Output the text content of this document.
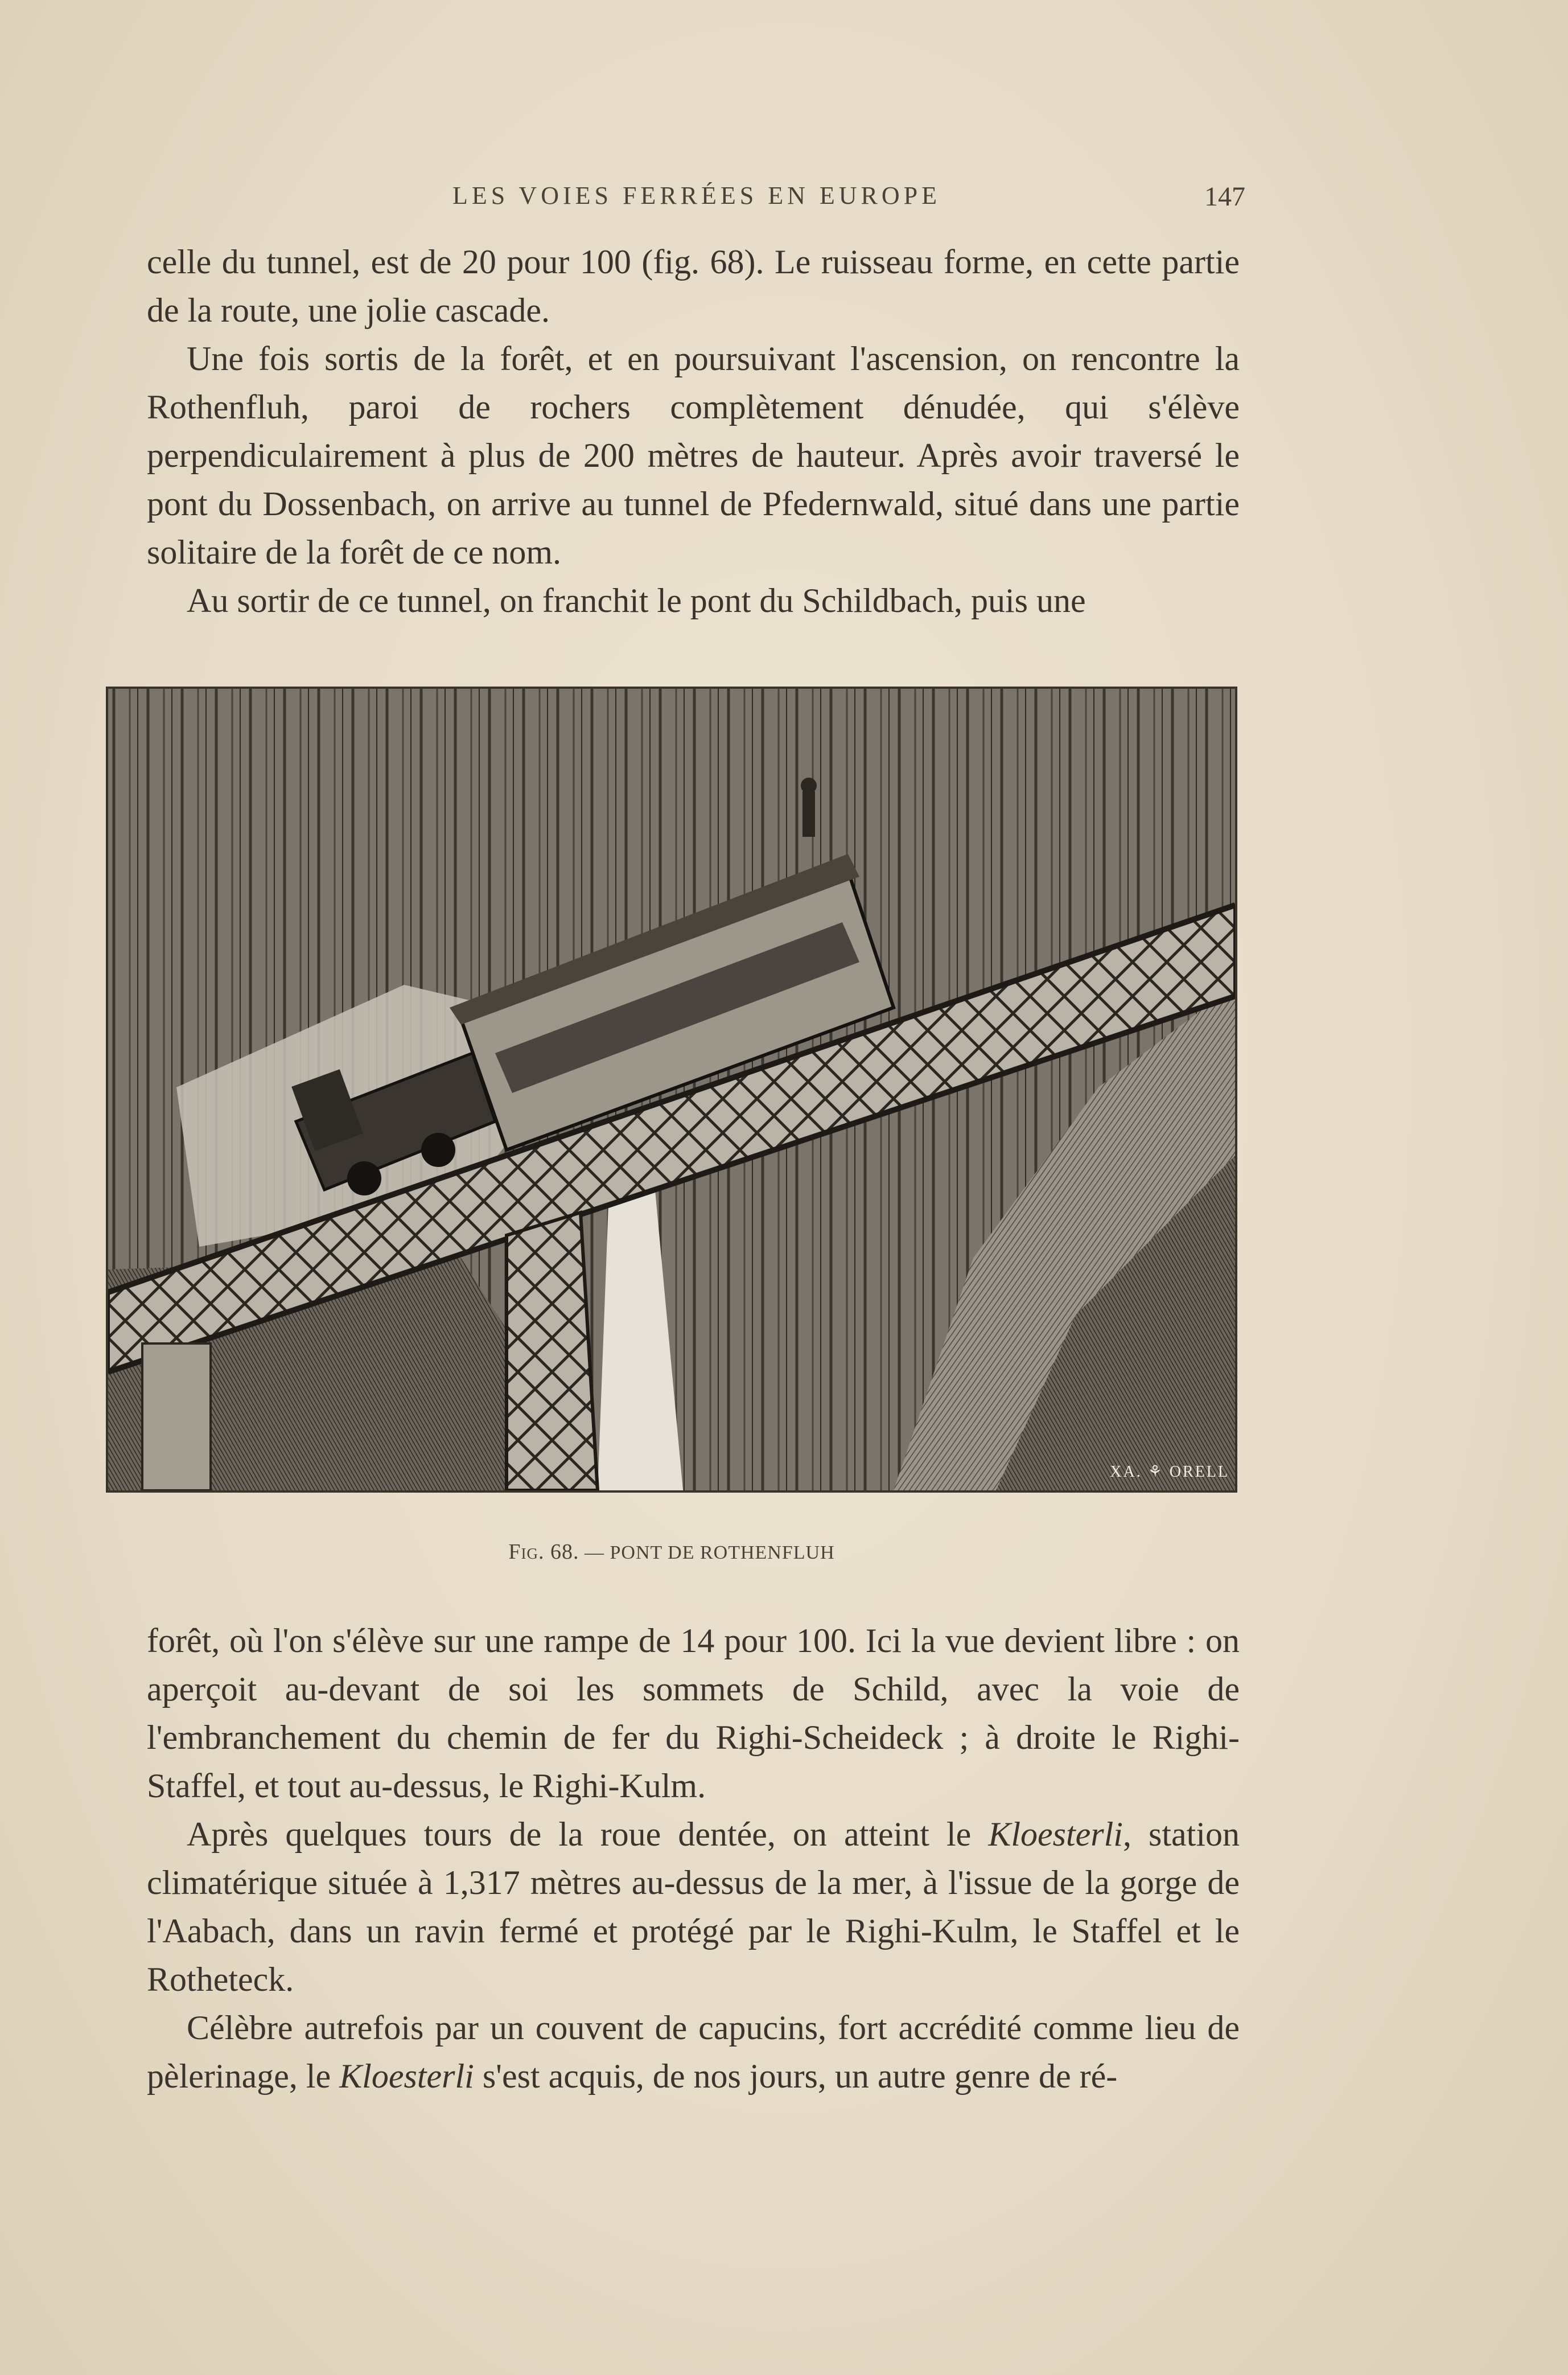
LES VOIES FERRÉES EN EUROPE	147

celle du tunnel, est de 20 pour 100 (fig. 68). Le ruisseau forme, en cette partie de la route, une jolie cascade.

Une fois sortis de la forêt, et en poursuivant l'ascension, on rencontre la Rothenfluh, paroi de rochers complètement dénudée, qui s'élève perpendiculairement à plus de 200 mètres de hauteur. Après avoir traversé le pont du Dossenbach, on arrive au tunnel de Pfedernwald, situé dans une partie solitaire de la forêt de ce nom.

Au sortir de ce tunnel, on franchit le pont du Schildbach, puis une

XA. ⚘ ORELL
Fig. 68. — PONT DE ROTHENFLUH

forêt, où l'on s'élève sur une rampe de 14 pour 100. Ici la vue devient libre : on aperçoit au-devant de soi les sommets de Schild, avec la voie de l'embranchement du chemin de fer du Righi-Scheideck ; à droite le Righi-Staffel, et tout au-dessus, le Righi-Kulm.

Après quelques tours de la roue dentée, on atteint le Kloesterli, station climatérique située à 1,317 mètres au-dessus de la mer, à l'issue de la gorge de l'Aabach, dans un ravin fermé et protégé par le Righi-Kulm, le Staffel et le Rotheteck.

Célèbre autrefois par un couvent de capucins, fort accrédité comme lieu de pèlerinage, le Kloesterli s'est acquis, de nos jours, un autre genre de ré-
